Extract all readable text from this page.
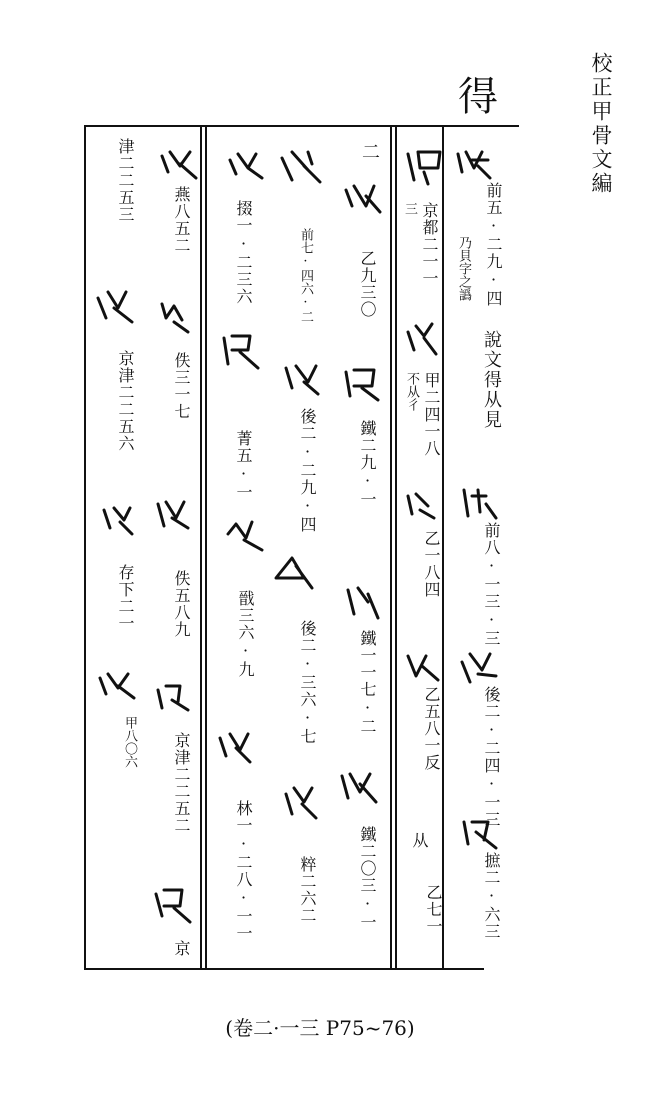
校正甲骨文編
得
前五·二九·四
說文得从見
乃貝字之譌
前八·一三·三
後二·二四·一三
摭二·六三
三 京都二一一
甲二四一八
不从彳
乙一八四
乙五八一反
从
乙七一
二
乙九三〇
鐵二九·一
鐵一一七·二
鐵二〇三·一
前七·四六·二
後二·二九·四
後二·三六·七
粹二六二
掇一·二三六
菁五·一
戩三六·九
林一·二八·一一
燕八五二
佚三一七
佚五八九
京津二二五二
京
津二二五三
京津二二五六
存下二一
甲八〇六
(卷二·一三 P75~76)
